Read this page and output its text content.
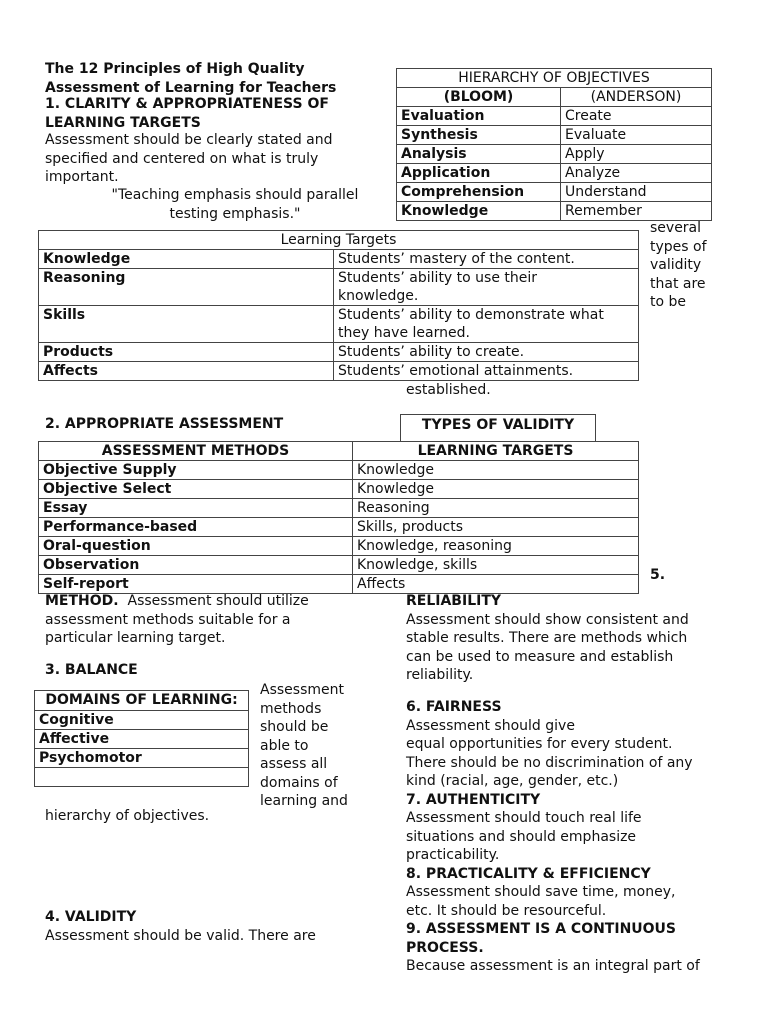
The 12 Principles of High Quality

Assessment of Learning for Teachers

1. CLARITY & APPROPRIATENESS OF

LEARNING TARGETS

Assessment should be clearly stated and

specified and centered on what is truly

important.

"Teaching emphasis should parallel

testing emphasis."

HIERARCHY OF OBJECTIVES	
(BLOOM)	(ANDERSON)
Evaluation	Create
Synthesis	Evaluate
Analysis	Apply
Application	Analyze
Comprehension	Understand
Knowledge	Remember

several

types of

validity

that are

to be

Learning Targets	
Knowledge	Students’ mastery of the content.
Reasoning	Students’ ability to use their knowledge.
Skills	Students’ ability to demonstrate what they have learned.
Products	Students’ ability to create.
Affects	Students’ emotional attainments.
established.
2. APPROPRIATE ASSESSMENT	TYPES OF VALIDITY
ASSESSMENT METHODS	LEARNING TARGETS
Objective Supply	Knowledge
Objective Select	Knowledge
Essay	Reasoning
Performance-based	Skills, products
Oral-question	Knowledge, reasoning
Observation	Knowledge, skills
Self-report	Affects
5.

METHOD. Assessment should utilize

assessment methods suitable for a

particular learning target.

3. BALANCE
DOMAINS OF LEARNING:
Cognitive
Affective
Psychomotor

Assessment

methods

should be

able to

assess all

domains of

learning and

hierarchy of objectives.
4. VALIDITY
Assessment should be valid. There are

RELIABILITY

Assessment should show consistent and

stable results. There are methods which

can be used to measure and establish

reliability.

6. FAIRNESS

Assessment should give

equal opportunities for every student.

There should be no discrimination of any

kind (racial, age, gender, etc.)

7. AUTHENTICITY

Assessment should touch real life

situations and should emphasize

practicability.

8. PRACTICALITY & EFFICIENCY

Assessment should save time, money,

etc. It should be resourceful.

9. ASSESSMENT IS A CONTINUOUS

PROCESS.

Because assessment is an integral part of
